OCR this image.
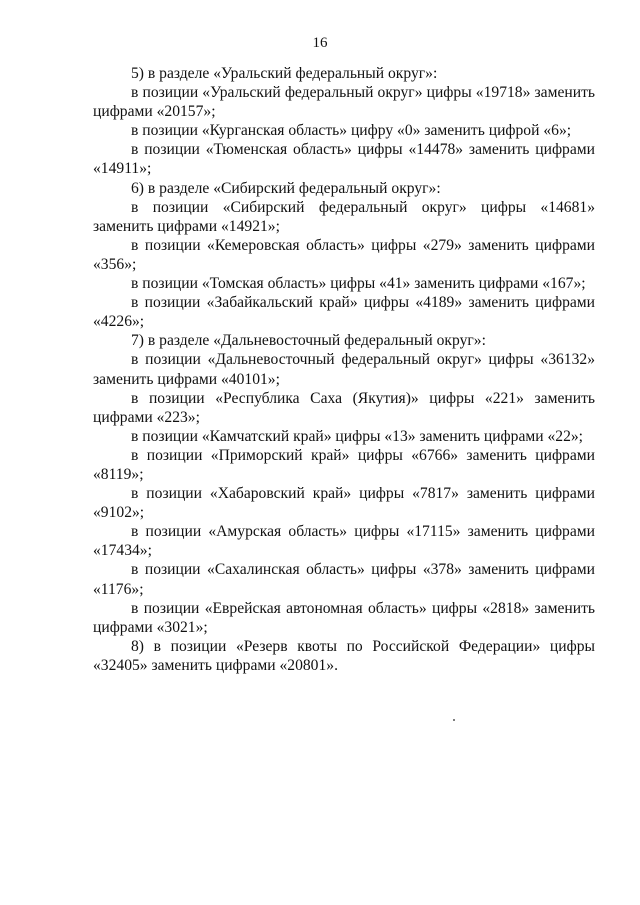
16

5) в разделе «Уральский федеральный округ»:

в позиции «Уральский федеральный округ» цифры «19718» заменить цифрами «20157»;

в позиции «Курганская область» цифру «0» заменить цифрой «6»;

в позиции «Тюменская область» цифры «14478» заменить цифрами «14911»;

6) в разделе «Сибирский федеральный округ»:

в позиции «Сибирский федеральный округ» цифры «14681» заменить цифрами «14921»;

в позиции «Кемеровская область» цифры «279» заменить цифрами «356»;

в позиции «Томская область» цифры «41» заменить цифрами «167»;

в позиции «Забайкальский край» цифры «4189» заменить цифрами «4226»;

7) в разделе «Дальневосточный федеральный округ»:

в позиции «Дальневосточный федеральный округ» цифры «36132» заменить цифрами «40101»;

в позиции «Республика Саха (Якутия)» цифры «221» заменить цифрами «223»;

в позиции «Камчатский край» цифры «13» заменить цифрами «22»;

в позиции «Приморский край» цифры «6766» заменить цифрами «8119»;

в позиции «Хабаровский край» цифры «7817» заменить цифрами «9102»;

в позиции «Амурская область» цифры «17115» заменить цифрами «17434»;

в позиции «Сахалинская область» цифры «378» заменить цифрами «1176»;

в позиции «Еврейская автономная область» цифры «2818» заменить цифрами «3021»;

8) в позиции «Резерв квоты по Российской Федерации» цифры «32405» заменить цифрами «20801».
